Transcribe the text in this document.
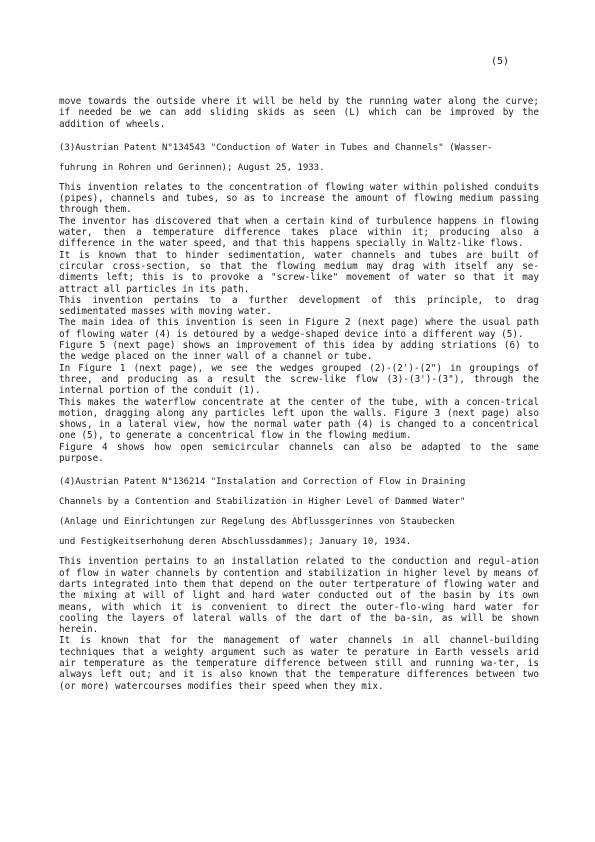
(5)

move towards the outside vhere it will be held by the running water along the curve; if needed be we can add sliding skids as seen (L) which can be improved by the addition of wheels.

(3)Austrian Patent N°134543 "Conduction of Water in Tubes and Channels" (Wasser-

fuhrung in Rohren und Gerinnen); August 25, 1933.

This invention relates to the concentration of flowing water within polished conduits (pipes), channels and tubes, so as to increase the amount of flowing medium passing through them.

The inventor has discovered that when a certain kind of turbulence happens in flowing water, then a temperature difference takes place within it; producing also a difference in the water speed, and that this happens specially in Waltz-like flows.

It is known that to hinder sedimentation, water channels and tubes are built of circular cross-section, so that the flowing medium may drag with itself any se-diments left; this is to provoke a "screw-like" movement of water so that it may attract all particles in its path.

This invention pertains to a further development of this principle, to drag sedimentated masses with moving water.

The main idea of this invention is seen in Figure 2 (next page) where the usual path of flowing water (4) is detoured by a wedge-shaped device into a different way (5).

Figure 5 (next page) shows an improvement of this idea by adding striations (6) to the wedge placed on the inner wall of a channel or tube.

In Figure 1 (next page), we see the wedges grouped (2)-(2')-(2") in groupings of three, and producing as a result the screw-like flow (3)-(3')-(3"), through the internal portion of the conduit (1).

This makes the waterflow concentrate at the center of the tube, with a concen-trical motion, dragging along any particles left upon the walls. Figure 3 (next page) also shows, in a lateral view, how the normal water path (4) is changed to a concentrical one (5), to generate a concentrical flow in the flowing medium.

Figure 4 shows how open semicircular channels can also be adapted to the same purpose.

(4)Austrian Patent N°136214 "Instalation and Correction of Flow in Draining

Channels by a Contention and Stabilization in Higher Level of Dammed Water"

(Anlage und Einrichtungen zur Regelung des Abflussgerinnes von Staubecken

und Festigkeitserhohung deren Abschlussdammes); January 10, 1934.

This invention pertains to an installation related to the conduction and regul-ation of flow in water channels by contention and stabilization in higher level by means of darts integrated into them that depend on the outer tertperature of flowing water and the mixing at will of light and hard water conducted out of the basin by its own means, with which it is convenient to direct the outer-flo-wing hard water for cooling the layers of lateral walls of the dart of the ba-sin, as will be shown herein.

It is known that for the management of water channels in all channel-building techniques that a weighty argument such as water te perature in Earth vessels arid air temperature as the temperature difference between still and running wa-ter, is always left out; and it is also known that the temperature differences between two (or more) watercourses modifies their speed when they mix.
